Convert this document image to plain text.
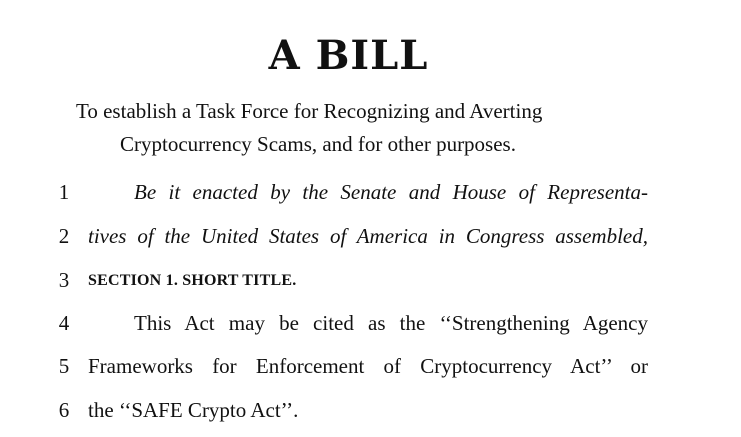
A BILL
To establish a Task Force for Recognizing and Averting
Cryptocurrency Scams, and for other purposes.
1	Be it enacted by the Senate and House of Representa-
2 tives of the United States of America in Congress assembled,
3 SECTION 1. SHORT TITLE.
4	This Act may be cited as the ‘‘Strengthening Agency
5 Frameworks for Enforcement of Cryptocurrency Act’’ or
6 the ‘‘SAFE Crypto Act’’.
